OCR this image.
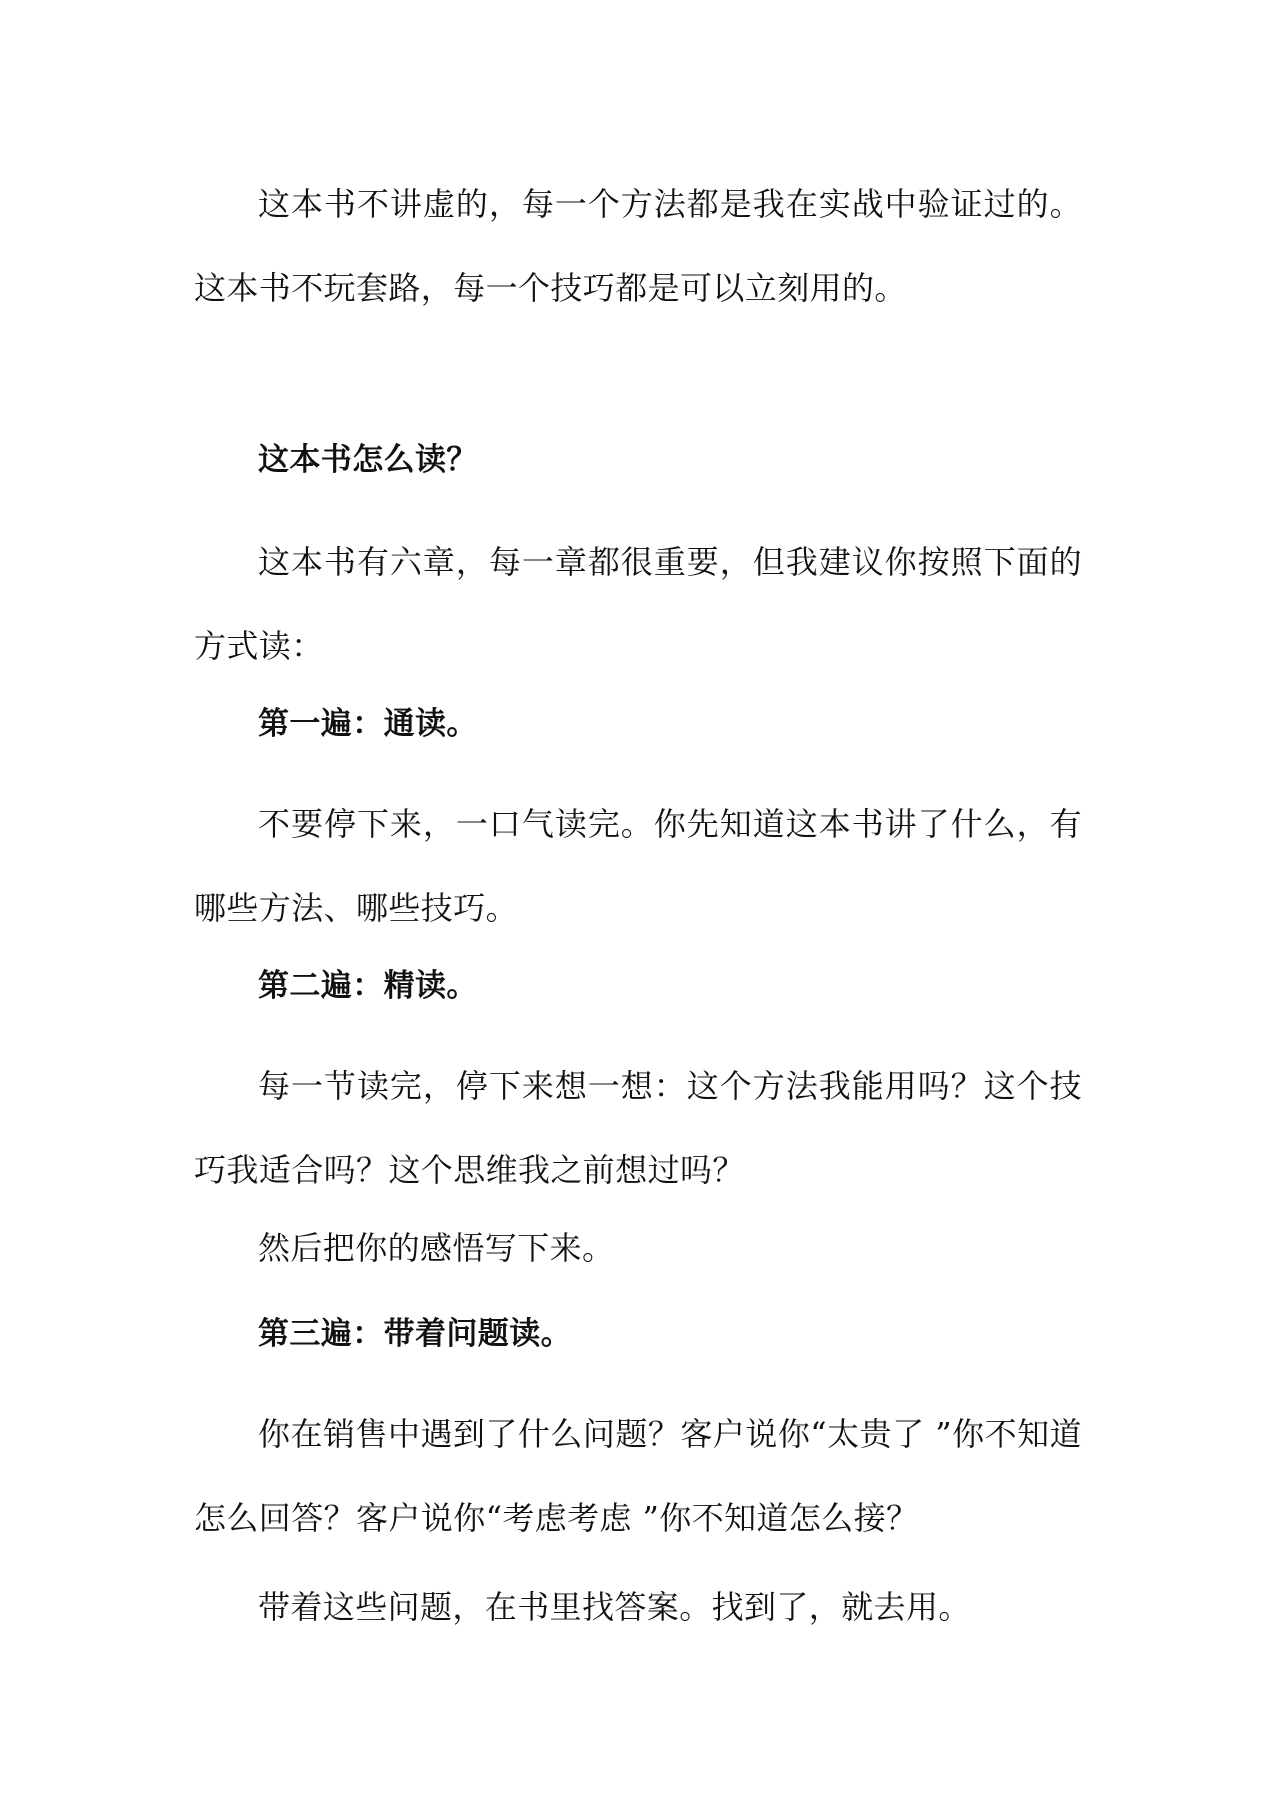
这本书不讲虚的，每一个方法都是我在实战中验证过的。这本书不玩套路，每一个技巧都是可以立刻用的。

这本书怎么读？

这本书有六章，每一章都很重要，但我建议你按照下面的方式读：

第一遍：通读。

不要停下来，一口气读完。你先知道这本书讲了什么，有哪些方法、哪些技巧。

第二遍：精读。

每一节读完，停下来想一想：这个方法我能用吗？这个技巧我适合吗？这个思维我之前想过吗？

然后把你的感悟写下来。

第三遍：带着问题读。

你在销售中遇到了什么问题？客户说你“太贵了 ”你不知道怎么回答？客户说你“考虑考虑 ”你不知道怎么接？

带着这些问题，在书里找答案。找到了，就去用。
